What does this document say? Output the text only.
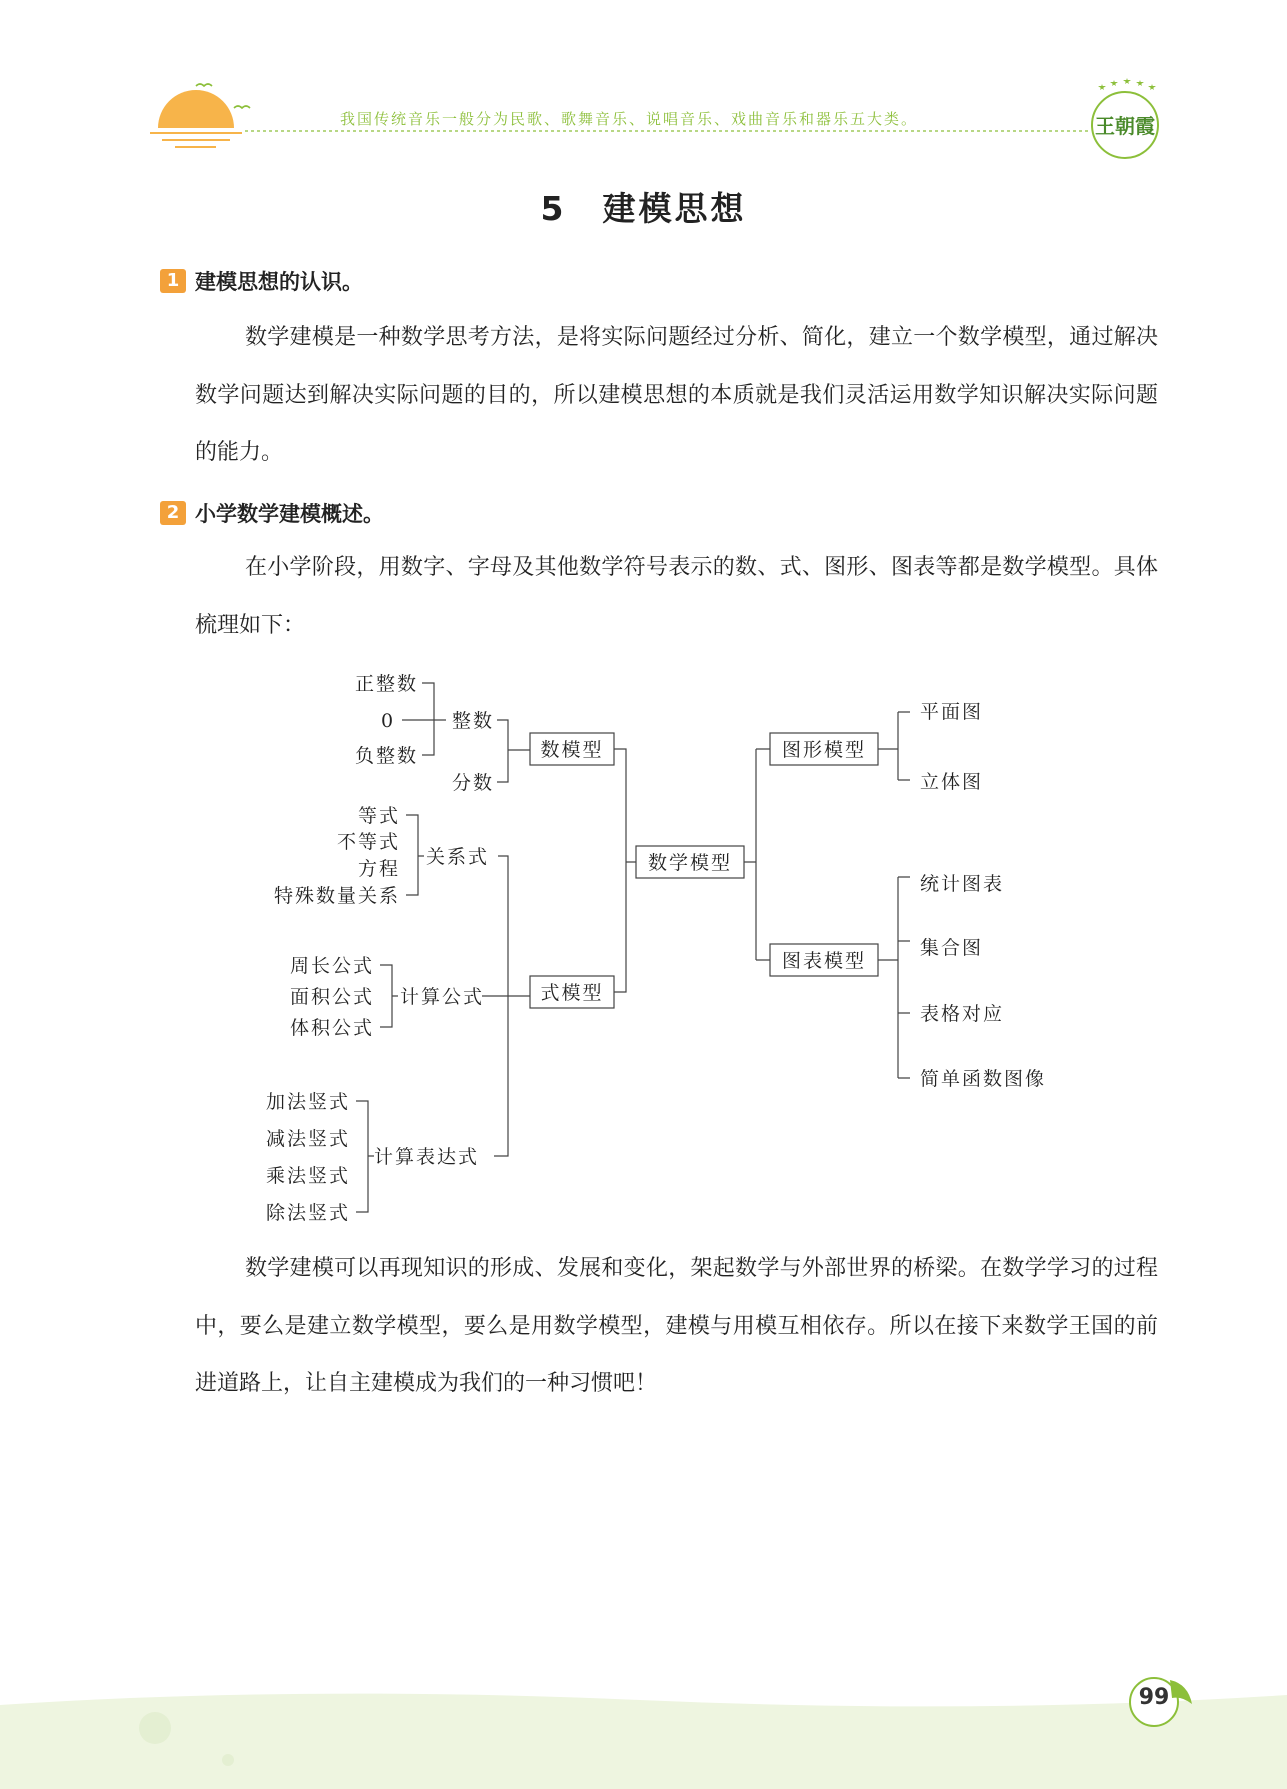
王朝霞
我国传统音乐一般分为民歌、歌舞音乐、说唱音乐、戏曲音乐和器乐五大类。
5　建模思想
1 建模思想的认识。

数学建模是一种数学思考方法，是将实际问题经过分析、简化，建立一个数学模型，通过解决数学问题达到解决实际问题的目的，所以建模思想的本质就是我们灵活运用数学知识解决实际问题的能力。

2 小学数学建模概述。

在小学阶段，用数字、字母及其他数学符号表示的数、式、图形、图表等都是数学模型。具体梳理如下：

正整数
0
负整数
整数
分数
数模型
等式
不等式
方程
特殊数量关系
关系式
周长公式
面积公式
体积公式
计算公式
加法竖式
减法竖式
乘法竖式
除法竖式
计算表达式
式模型
数学模型
图形模型
平面图
立体图
图表模型
统计图表
集合图
表格对应
简单函数图像

数学建模可以再现知识的形成、发展和变化，架起数学与外部世界的桥梁。在数学学习的过程中，要么是建立数学模型，要么是用数学模型，建模与用模互相依存。所以在接下来数学王国的前进道路上，让自主建模成为我们的一种习惯吧！

99
